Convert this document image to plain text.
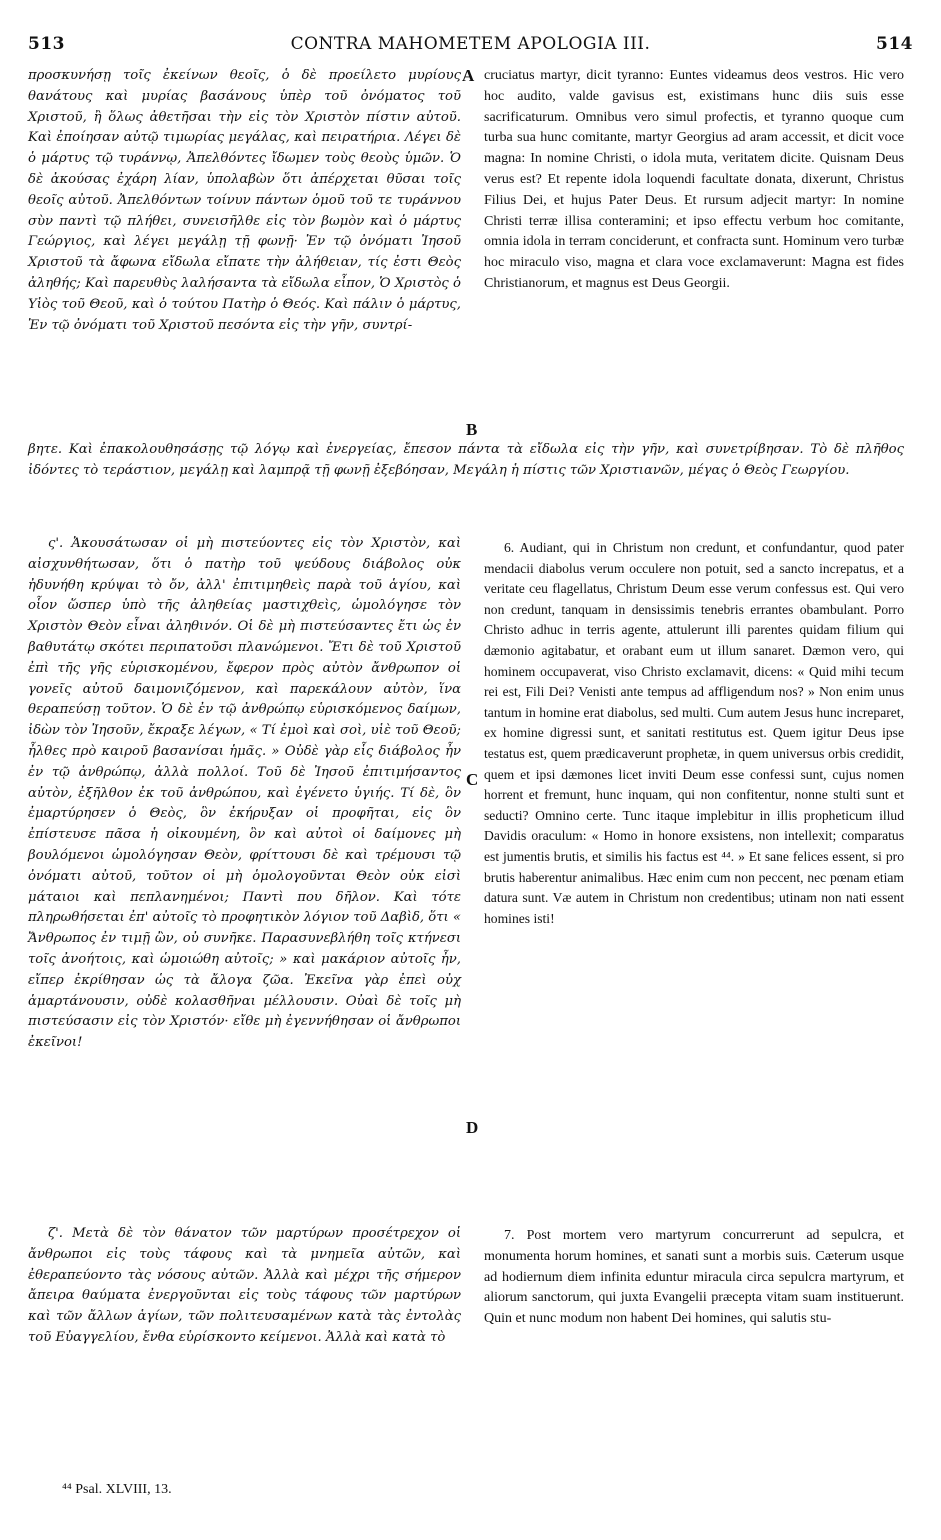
513	CONTRA MAHOMETEM APOLOGIA III.	514
A
B
C
D

προσκυνήσῃ τοῖς ἐκείνων θεοῖς, ὁ δὲ προείλετο μυρίους θανάτους καὶ μυρίας βασάνους ὑπὲρ τοῦ ὀνόματος τοῦ Χριστοῦ, ἢ ὅλως ἀθετῆσαι τὴν εἰς τὸν Χριστὸν πίστιν αὐτοῦ. Καὶ ἐποίησαν αὐτῷ τιμωρίας μεγάλας, καὶ πειρατήρια. Λέγει δὲ ὁ μάρτυς τῷ τυράννῳ, Ἀπελθόντες ἴδωμεν τοὺς θεοὺς ὑμῶν. Ὁ δὲ ἀκούσας ἐχάρη λίαν, ὑπολαβὼν ὅτι ἀπέρχεται θῦσαι τοῖς θεοῖς αὐτοῦ. Ἀπελθόντων τοίνυν πάντων ὁμοῦ τοῦ τε τυράννου σὺν παντὶ τῷ πλήθει, συνεισῆλθε εἰς τὸν βωμὸν καὶ ὁ μάρτυς Γεώργιος, καὶ λέγει μεγάλῃ τῇ φωνῇ· Ἐν τῷ ὀνόματι Ἰησοῦ Χριστοῦ τὰ ἄφωνα εἴδωλα εἴπατε τὴν ἀλήθειαν, τίς ἐστι Θεὸς ἀληθής; Καὶ παρευθὺς λαλήσαντα τὰ εἴδωλα εἶπον, Ὁ Χριστὸς ὁ Υἱὸς τοῦ Θεοῦ, καὶ ὁ τούτου Πατὴρ ὁ Θεός. Καὶ πάλιν ὁ μάρτυς, Ἐν τῷ ὀνόματι τοῦ Χριστοῦ πεσόντα εἰς τὴν γῆν, συντρί-

cruciatus martyr, dicit tyranno: Euntes videamus deos vestros. Hic vero hoc audito, valde gavisus est, existimans hunc diis suis esse sacrificaturum. Omnibus vero simul profectis, et tyranno quoque cum turba sua hunc comitante, martyr Georgius ad aram accessit, et dicit voce magna: In nomine Christi, o idola muta, veritatem dicite. Quisnam Deus verus est? Et repente idola loquendi facultate donata, dixerunt, Christus Filius Dei, et hujus Pater Deus. Et rursum adjecit martyr: In nomine Christi terræ illisa conteramini; et ipso effectu verbum hoc comitante, omnia idola in terram conciderunt, et confracta sunt. Hominum vero turbæ hoc miraculo viso, magna et clara voce exclamaverunt: Magna est fides Christianorum, et magnus est Deus Georgii.

βητε. Καὶ ἐπακολουθησάσῃς τῷ λόγῳ καὶ ἐνεργείας, ἔπεσον πάντα τὰ εἴδωλα εἰς τὴν γῆν, καὶ συνετρίβησαν. Τὸ δὲ πλῆθος ἰδόντες τὸ τεράστιον, μεγάλῃ καὶ λαμπρᾷ τῇ φωνῇ ἐξεβόησαν, Μεγάλη ἡ πίστις τῶν Χριστιανῶν, μέγας ὁ Θεὸς Γεωργίου.

ς'. Ἀκουσάτωσαν οἱ μὴ πιστεύοντες εἰς τὸν Χριστὸν, καὶ αἰσχυνθήτωσαν, ὅτι ὁ πατὴρ τοῦ ψεύδους διάβολος οὐκ ἠδυνήθη κρύψαι τὸ ὄν, ἀλλ' ἐπιτιμηθεὶς παρὰ τοῦ ἁγίου, καὶ οἷον ὥσπερ ὑπὸ τῆς ἀληθείας μαστιχθεὶς, ὡμολόγησε τὸν Χριστὸν Θεὸν εἶναι ἀληθινόν. Οἱ δὲ μὴ πιστεύσαντες ἔτι ὡς ἐν βαθυτάτῳ σκότει περιπατοῦσι πλανώμενοι. Ἔτι δὲ τοῦ Χριστοῦ ἐπὶ τῆς γῆς εὑρισκομένου, ἔφερον πρὸς αὐτὸν ἄνθρωπον οἱ γονεῖς αὐτοῦ δαιμονιζόμενον, καὶ παρεκάλουν αὐτὸν, ἵνα θεραπεύσῃ τοῦτον. Ὁ δὲ ἐν τῷ ἀνθρώπῳ εὑρισκόμενος δαίμων, ἰδὼν τὸν Ἰησοῦν, ἔκραξε λέγων, « Τί ἐμοὶ καὶ σοὶ, υἱὲ τοῦ Θεοῦ; ἦλθες πρὸ καιροῦ βασανίσαι ἡμᾶς. » Οὐδὲ γὰρ εἷς διάβολος ἦν ἐν τῷ ἀνθρώπῳ, ἀλλὰ πολλοί. Τοῦ δὲ Ἰησοῦ ἐπιτιμήσαντος αὐτὸν, ἐξῆλθον ἐκ τοῦ ἀνθρώπου, καὶ ἐγένετο ὑγιής. Τί δὲ, ὃν ἐμαρτύρησεν ὁ Θεὸς, ὃν ἐκήρυξαν οἱ προφῆται, εἰς ὃν ἐπίστευσε πᾶσα ἡ οἰκουμένη, ὃν καὶ αὐτοὶ οἱ δαίμονες μὴ βουλόμενοι ὡμολόγησαν Θεὸν, φρίττουσι δὲ καὶ τρέμουσι τῷ ὀνόματι αὐτοῦ, τοῦτον οἱ μὴ ὁμολογοῦνται Θεὸν οὐκ εἰσὶ μάταιοι καὶ πεπλανημένοι; Παντὶ που δῆλον. Καὶ τότε πληρωθήσεται ἐπ' αὐτοῖς τὸ προφητικὸν λόγιον τοῦ Δαβὶδ, ὅτι « Ἄνθρωπος ἐν τιμῇ ὢν, οὐ συνῆκε. Παρασυνεβλήθη τοῖς κτήνεσι τοῖς ἀνοήτοις, καὶ ὡμοιώθη αὐτοῖς; » καὶ μακάριον αὐτοῖς ἦν, εἴπερ ἐκρίθησαν ὡς τὰ ἄλογα ζῶα. Ἐκεῖνα γὰρ ἐπεὶ οὐχ ἁμαρτάνουσιν, οὐδὲ κολασθῆναι μέλλουσιν. Οὐαὶ δὲ τοῖς μὴ πιστεύσασιν εἰς τὸν Χριστόν· εἴθε μὴ ἐγεννήθησαν οἱ ἄνθρωποι ἐκεῖνοι!

6. Audiant, qui in Christum non credunt, et confundantur, quod pater mendacii diabolus verum occulere non potuit, sed a sancto increpatus, et a veritate ceu flagellatus, Christum Deum esse verum confessus est. Qui vero non credunt, tanquam in densissimis tenebris errantes obambulant. Porro Christo adhuc in terris agente, attulerunt illi parentes quidam filium qui dæmonio agitabatur, et orabant eum ut illum sanaret. Dæmon vero, qui hominem occupaverat, viso Christo exclamavit, dicens: « Quid mihi tecum rei est, Fili Dei? Venisti ante tempus ad affligendum nos? » Non enim unus tantum in homine erat diabolus, sed multi. Cum autem Jesus hunc increparet, ex homine digressi sunt, et sanitati restitutus est. Quem igitur Deus ipse testatus est, quem prædicaverunt prophetæ, in quem universus orbis credidit, quem et ipsi dæmones licet inviti Deum esse confessi sunt, cujus nomen horrent et fremunt, hunc inquam, qui non confitentur, nonne stulti sunt et seducti? Omnino certe. Tunc itaque implebitur in illis propheticum illud Davidis oraculum: « Homo in honore exsistens, non intellexit; comparatus est jumentis brutis, et similis his factus est ⁴⁴. » Et sane felices essent, si pro brutis haberentur animalibus. Hæc enim cum non peccent, nec pœnam etiam datura sunt. Væ autem in Christum non credentibus; utinam non nati essent homines isti!

ζ'. Μετὰ δὲ τὸν θάνατον τῶν μαρτύρων προσέτρεχον οἱ ἄνθρωποι εἰς τοὺς τάφους καὶ τὰ μνημεῖα αὐτῶν, καὶ ἐθεραπεύοντο τὰς νόσους αὐτῶν. Ἀλλὰ καὶ μέχρι τῆς σήμερον ἄπειρα θαύματα ἐνεργοῦνται εἰς τοὺς τάφους τῶν μαρτύρων καὶ τῶν ἄλλων ἁγίων, τῶν πολιτευσαμένων κατὰ τὰς ἐντολὰς τοῦ Εὐαγγελίου, ἔνθα εὑρίσκοντο κείμενοι. Ἀλλὰ καὶ κατὰ τὸ

7. Post mortem vero martyrum concurrerunt ad sepulcra, et monumenta horum homines, et sanati sunt a morbis suis. Cæterum usque ad hodiernum diem infinita eduntur miracula circa sepulcra martyrum, et aliorum sanctorum, qui juxta Evangelii præcepta vitam suam instituerunt. Quin et nunc modum non habent Dei homines, qui salutis stu-

⁴⁴ Psal. XLVIII, 13.
